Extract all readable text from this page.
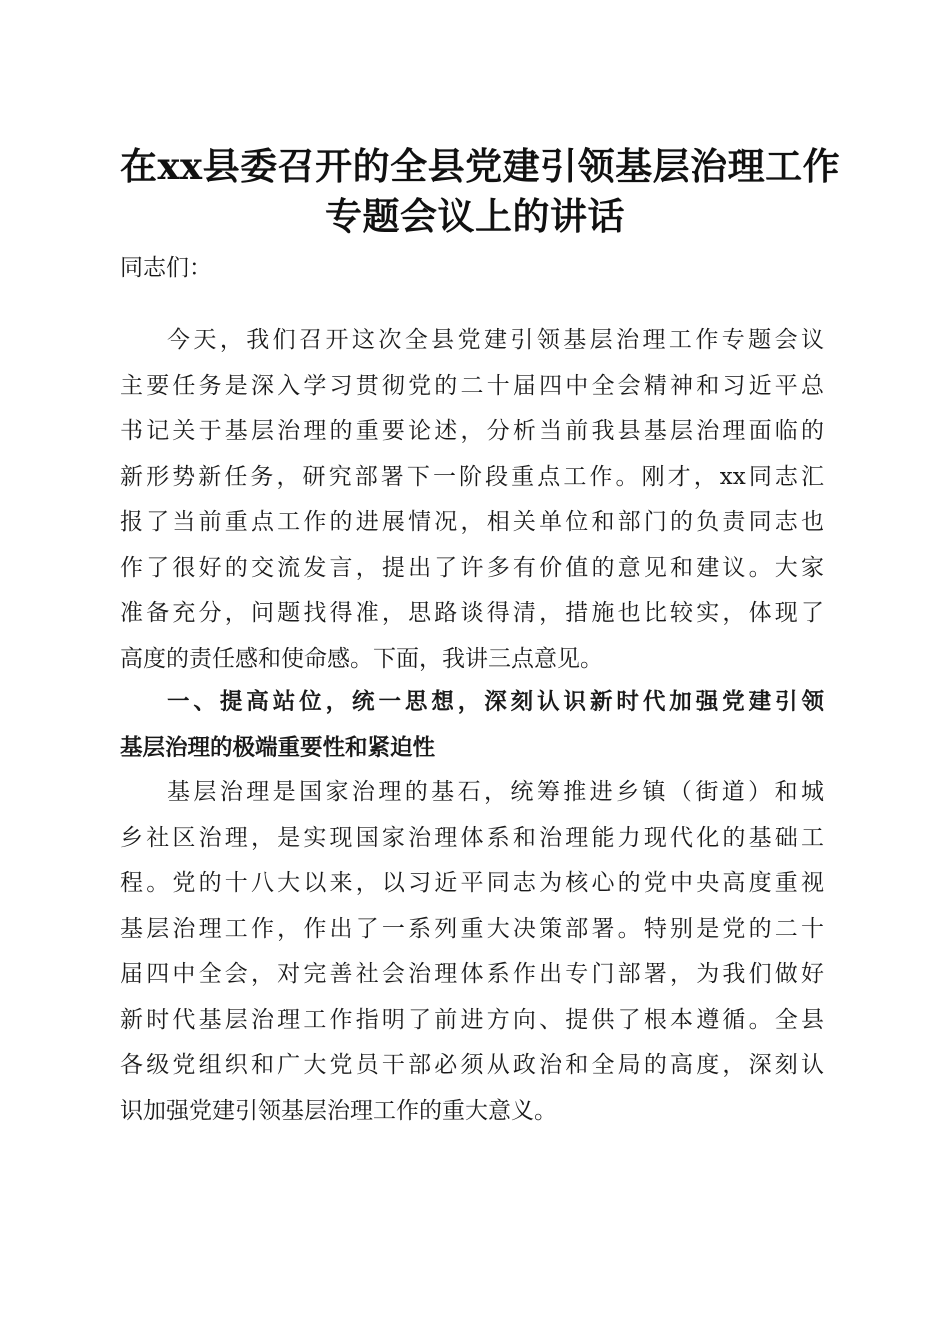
在xx县委召开的全县党建引领基层治理工作
专题会议上的讲话

同志们：

今天，我们召开这次全县党建引领基层治理工作专题会议
主要任务是深入学习贯彻党的二十届四中全会精神和习近平总
书记关于基层治理的重要论述，分析当前我县基层治理面临的
新形势新任务，研究部署下一阶段重点工作。刚才，xx同志汇
报了当前重点工作的进展情况，相关单位和部门的负责同志也
作了很好的交流发言，提出了许多有价值的意见和建议。大家
准备充分，问题找得准，思路谈得清，措施也比较实，体现了
高度的责任感和使命感。下面，我讲三点意见。

一、提高站位，统一思想，深刻认识新时代加强党建引领
基层治理的极端重要性和紧迫性

基层治理是国家治理的基石，统筹推进乡镇（街道）和城
乡社区治理，是实现国家治理体系和治理能力现代化的基础工
程。党的十八大以来，以习近平同志为核心的党中央高度重视
基层治理工作，作出了一系列重大决策部署。特别是党的二十
届四中全会，对完善社会治理体系作出专门部署，为我们做好
新时代基层治理工作指明了前进方向、提供了根本遵循。全县
各级党组织和广大党员干部必须从政治和全局的高度，深刻认
识加强党建引领基层治理工作的重大意义。
